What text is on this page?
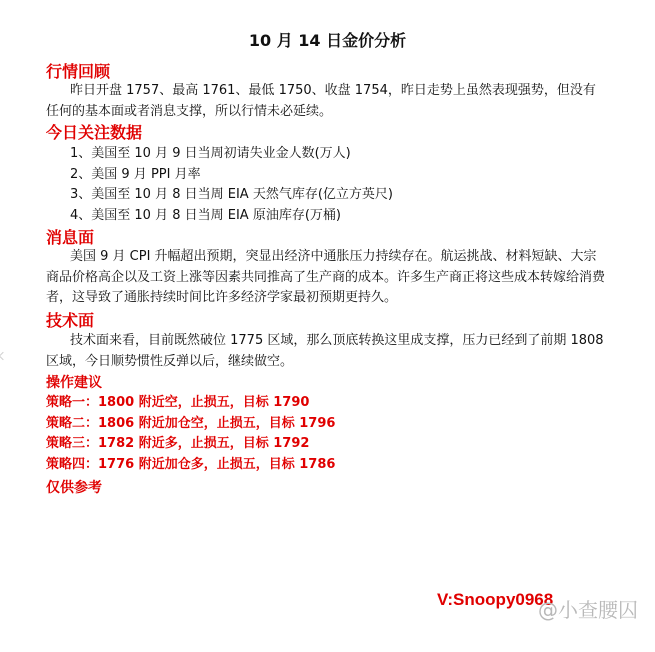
10 月 14 日金价分析
行情回顾

昨日开盘 1757、最高 1761、最低 1750、收盘 1754，昨日走势上虽然表现强势，但没有任何的基本面或者消息支撑，所以行情未必延续。

今日关注数据
1、美国至 10 月 9 日当周初请失业金人数(万人)
2、美国 9 月 PPI 月率
3、美国至 10 月 8 日当周 EIA 天然气库存(亿立方英尺)
4、美国至 10 月 8 日当周 EIA 原油库存(万桶)
消息面

美国 9 月 CPI 升幅超出预期，突显出经济中通胀压力持续存在。航运挑战、材料短缺、大宗商品价格高企以及工资上涨等因素共同推高了生产商的成本。许多生产商正将这些成本转嫁给消费者，这导致了通胀持续时间比许多经济学家最初预期更持久。

技术面

技术面来看，目前既然破位 1775 区域，那么顶底转换这里成支撑，压力已经到了前期 1808 区域，今日顺势惯性反弹以后，继续做空。

操作建议
策略一：1800 附近空，止损五，目标 1790
策略二：1806 附近加仓空，止损五，目标 1796
策略三：1782 附近多，止损五，目标 1792
策略四：1776 附近加仓多，止损五，目标 1786
仅供参考
V:Snoopy0968
@小查腰囚
